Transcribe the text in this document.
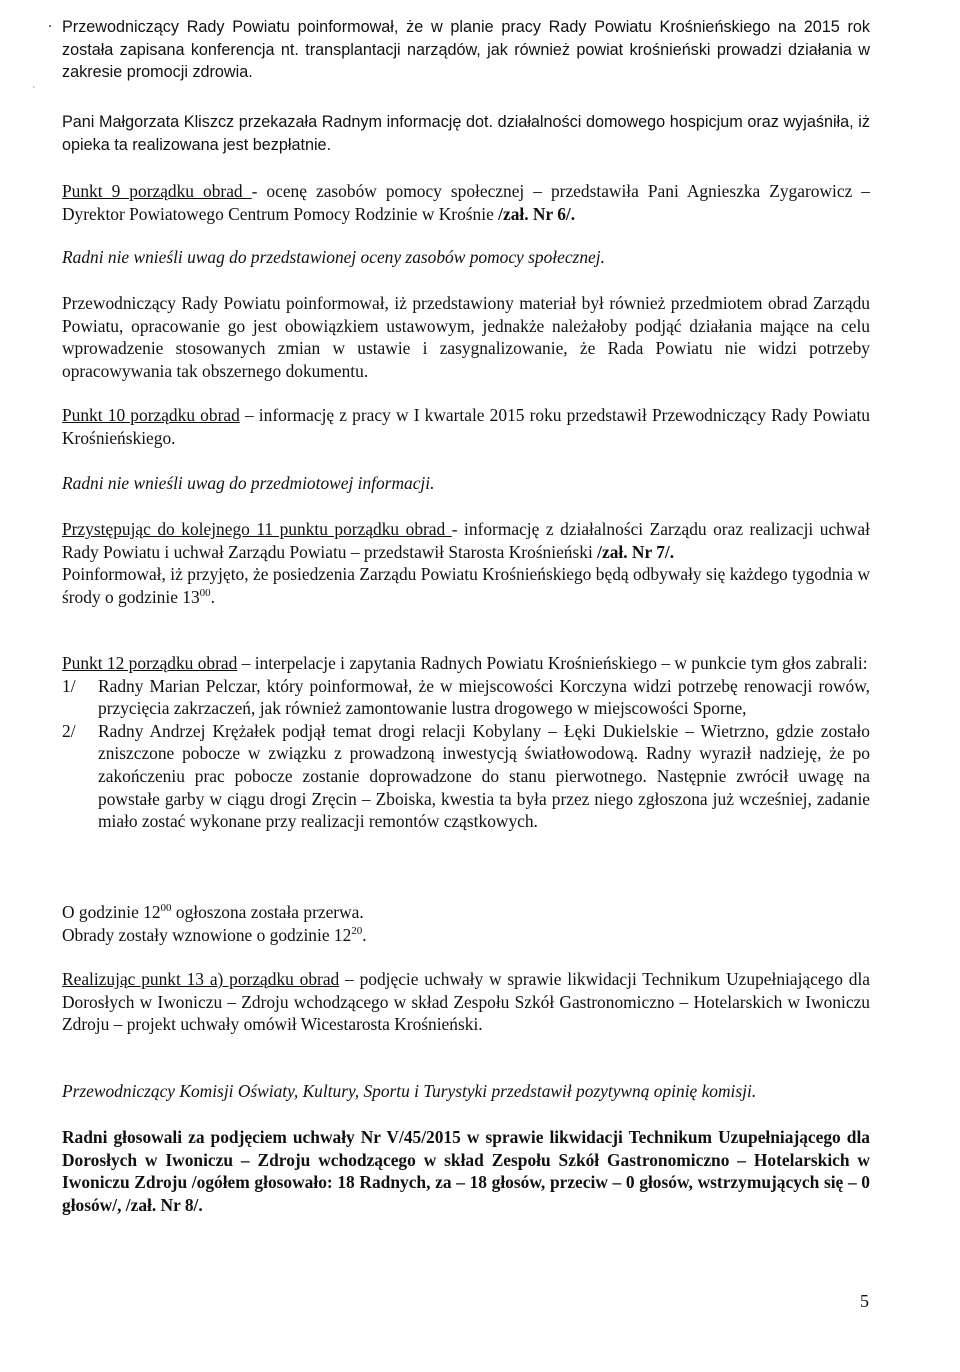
.
`

Przewodniczący Rady Powiatu poinformował, że w planie pracy Rady Powiatu Krośnieńskiego na 2015 rok została zapisana konferencja nt. transplantacji narządów, jak również powiat krośnieński prowadzi działania w zakresie promocji zdrowia.

Pani Małgorzata Kliszcz przekazała Radnym informację dot. działalności domowego hospicjum oraz wyjaśniła, iż opieka ta realizowana jest bezpłatnie.

Punkt 9 porządku obrad - ocenę zasobów pomocy społecznej – przedstawiła Pani Agnieszka Zygarowicz – Dyrektor Powiatowego Centrum Pomocy Rodzinie w Krośnie /zał. Nr 6/.

Radni nie wnieśli uwag do przedstawionej oceny zasobów pomocy społecznej.

Przewodniczący Rady Powiatu poinformował, iż przedstawiony materiał był również przedmiotem obrad Zarządu Powiatu, opracowanie go jest obowiązkiem ustawowym, jednakże należałoby podjąć działania mające na celu wprowadzenie stosowanych zmian w ustawie i zasygnalizowanie, że Rada Powiatu nie widzi potrzeby opracowywania tak obszernego dokumentu.

Punkt 10 porządku obrad – informację z pracy w I kwartale 2015 roku przedstawił Przewodniczący Rady Powiatu Krośnieńskiego.

Radni nie wnieśli uwag do przedmiotowej informacji.

Przystępując do kolejnego 11 punktu porządku obrad - informację z działalności Zarządu oraz realizacji uchwał Rady Powiatu i uchwał Zarządu Powiatu – przedstawił Starosta Krośnieński /zał. Nr 7/.
Poinformował, iż przyjęto, że posiedzenia Zarządu Powiatu Krośnieńskiego będą odbywały się każdego tygodnia w środy o godzinie $13^{00}$.

Punkt 12 porządku obrad – interpelacje i zapytania Radnych Powiatu Krośnieńskiego – w punkcie tym głos zabrali:
1/ Radny Marian Pelczar, który poinformował, że w miejscowości Korczyna widzi potrzebę renowacji rowów, przycięcia zakrzaczeń, jak również zamontowanie lustra drogowego w miejscowości Sporne,
2/ Radny Andrzej Krężałek podjął temat drogi relacji Kobylany – Łęki Dukielskie – Wietrzno, gdzie zostało zniszczone pobocze w związku z prowadzoną inwestycją światłowodową. Radny wyraził nadzieję, że po zakończeniu prac pobocze zostanie doprowadzone do stanu pierwotnego. Następnie zwrócił uwagę na powstałe garby w ciągu drogi Zręcin – Zboiska, kwestia ta była przez niego zgłoszona już wcześniej, zadanie miało zostać wykonane przy realizacji remontów cząstkowych.
O godzinie $12^{00}$ ogłoszona została przerwa.
Obrady zostały wznowione o godzinie $12^{20}$.

Realizując punkt 13 a) porządku obrad – podjęcie uchwały w sprawie likwidacji Technikum Uzupełniającego dla Dorosłych w Iwoniczu – Zdroju wchodzącego w skład Zespołu Szkół Gastronomiczno – Hotelarskich w Iwoniczu Zdroju – projekt uchwały omówił Wicestarosta Krośnieński.

Przewodniczący Komisji Oświaty, Kultury, Sportu i Turystyki przedstawił pozytywną opinię komisji.

Radni głosowali za podjęciem uchwały Nr V/45/2015 w sprawie likwidacji Technikum Uzupełniającego dla Dorosłych w Iwoniczu – Zdroju wchodzącego w skład Zespołu Szkół Gastronomiczno – Hotelarskich w Iwoniczu Zdroju /ogółem głosowało: 18 Radnych, za – 18 głosów, przeciw – 0 głosów, wstrzymujących się – 0 głosów/, /zał. Nr 8/.

5
